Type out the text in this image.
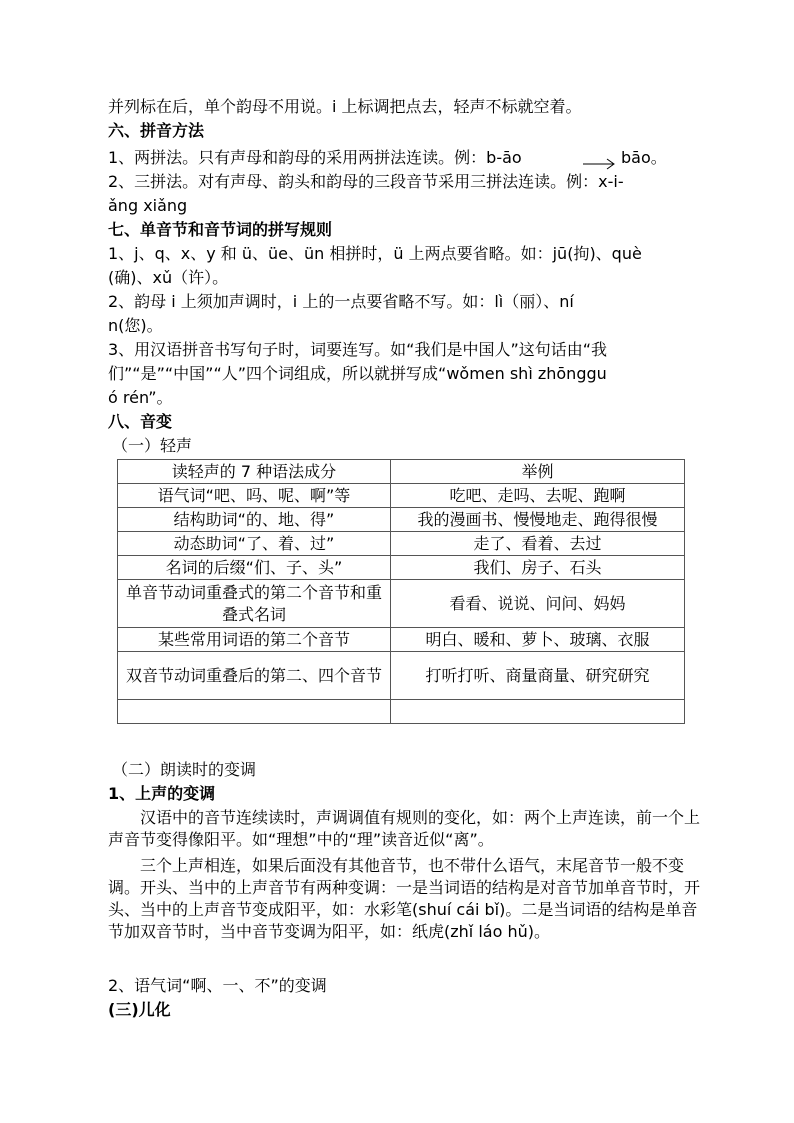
并列标在后，单个韵母不用说。i 上标调把点去，轻声不标就空着。
六、拼音方法
1、两拼法。只有声母和韵母的采用两拼法连读。例：b-āo	bāo。
2、三拼法。对有声母、韵头和韵母的三段音节采用三拼法连读。例：x-i-
ǎng xiǎng
七、单音节和音节词的拼写规则
1、j、q、x、y 和 ü、üe、ün 相拼时，ü 上两点要省略。如：jū(拘)、què
(确)、xǔ（许）。
2、韵母 i 上须加声调时，i 上的一点要省略不写。如：lì（丽）、ní
n(您)。
3、用汉语拼音书写句子时，词要连写。如“我们是中国人”这句话由“我
们”“是”“中国”“人”四个词组成，所以就拼写成“wǒmen shì zhōnggu
ó rén”。
八、音变
（一）轻声
读轻声的 7 种语法成分	举例
语气词“吧、吗、呢、啊”等	吃吧、走吗、去呢、跑啊
结构助词“的、地、得”	我的漫画书、慢慢地走、跑得很慢
动态助词“了、着、过”	走了、看着、去过
名词的后缀“们、子、头”	我们、房子、石头
单音节动词重叠式的第二个音节和重叠式名词	看看、说说、问问、妈妈
某些常用词语的第二个音节	明白、暖和、萝卜、玻璃、衣服
双音节动词重叠后的第二、四个音节	打听打听、商量商量、研究研究

（二）朗读时的变调
1、上声的变调
汉语中的音节连续读时，声调调值有规则的变化，如：两个上声连读，前一个上声音节变得像阳平。如“理想”中的“理”读音近似“离”。
三个上声相连，如果后面没有其他音节，也不带什么语气，末尾音节一般不变调。开头、当中的上声音节有两种变调：一是当词语的结构是对音节加单音节时，开头、当中的上声音节变成阳平，如：水彩笔(shuí cái bǐ)。二是当词语的结构是单音节加双音节时，当中音节变调为阳平，如：纸虎(zhǐ láo hǔ)。
2、语气词“啊、一、不”的变调
(三)儿化
